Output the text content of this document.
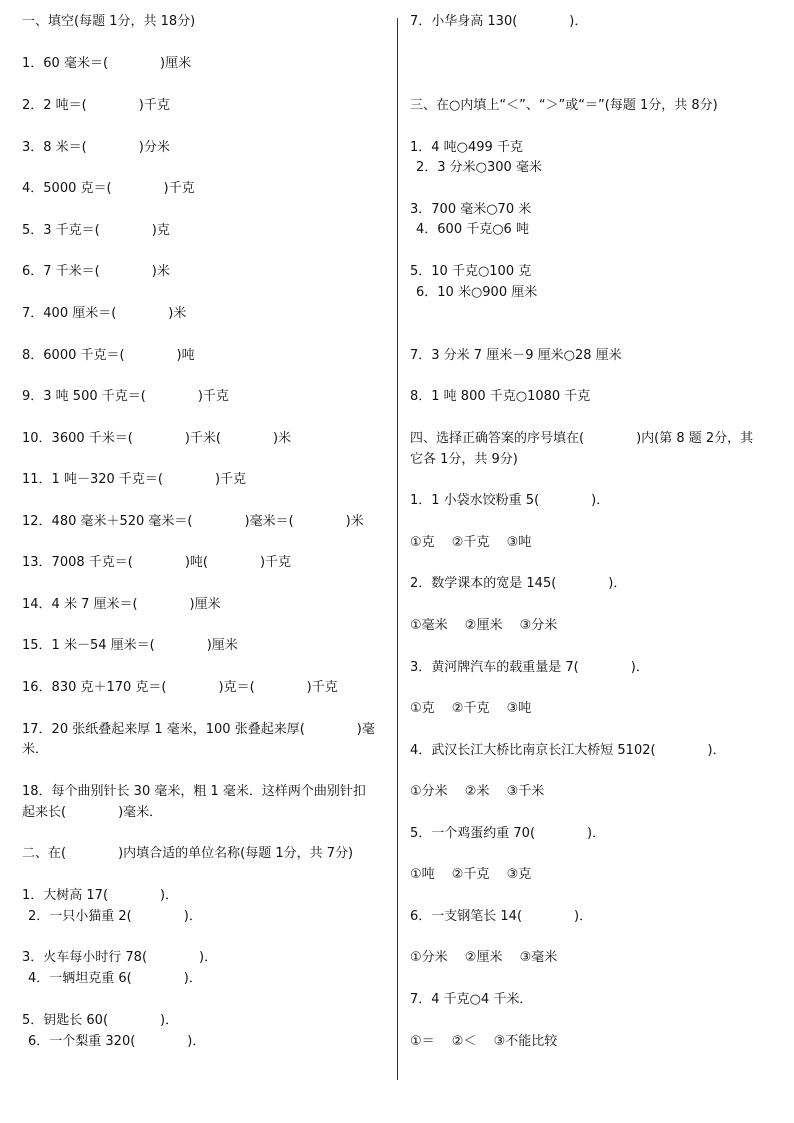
一、填空(每题 1分，共 18分)
1．60 毫米＝(　　　　)厘米
2．2 吨＝(　　　　)千克
3．8 米＝(　　　　)分米
4．5000 克＝(　　　　)千克
5．3 千克＝(　　　　)克
6．7 千米＝(　　　　)米
7．400 厘米＝(　　　　)米
8．6000 千克＝(　　　　)吨
9．3 吨 500 千克＝(　　　　)千克
10．3600 千米＝(　　　　)千米(　　　　)米
11．1 吨－320 千克＝(　　　　)千克
12．480 毫米＋520 毫米＝(　　　　)毫米＝(　　　　)米
13．7008 千克＝(　　　　)吨(　　　　)千克
14．4 米 7 厘米＝(　　　　)厘米
15．1 米－54 厘米＝(　　　　)厘米
16．830 克＋170 克＝(　　　　)克＝(　　　　)千克
17．20 张纸叠起来厚 1 毫米，100 张叠起来厚(　　　　)毫
米．
18．每个曲别针长 30 毫米，粗 1 毫米．这样两个曲别针扣
起来长(　　　　)毫米．
二、在(　　　　)内填合适的单位名称(每题 1分，共 7分)
1．大树高 17(　　　　)．
2．一只小猫重 2(　　　　)．
3．火车每小时行 78(　　　　)．
4．一辆坦克重 6(　　　　)．
5．钥匙长 60(　　　　)．
6．一个梨重 320(　　　　)．
7．小华身高 130(　　　　)．
三、在○内填上“＜”、“＞”或“＝”(每题 1分，共 8分)
1．4 吨○499 千克
2．3 分米○300 毫米
3．700 毫米○70 米
4．600 千克○6 吨
5．10 千克○100 克
6．10 米○900 厘米
7．3 分米 7 厘米－9 厘米○28 厘米
8．1 吨 800 千克○1080 千克
四、选择正确答案的序号填在(　　　　)内(第 8 题 2分，其
它各 1分，共 9分)
1．1 小袋水饺粉重 5(　　　　)．
①克　 ②千克　 ③吨
2．数学课本的宽是 145(　　　　)．
①毫米　 ②厘米　 ③分米
3．黄河牌汽车的载重量是 7(　　　　)．
①克　 ②千克　 ③吨
4．武汉长江大桥比南京长江大桥短 5102(　　　　)．
①分米　 ②米　 ③千米
5．一个鸡蛋约重 70(　　　　)．
①吨　 ②千克　 ③克
6．一支钢笔长 14(　　　　)．
①分米　 ②厘米　 ③毫米
7．4 千克○4 千米．
①＝　 ②＜　 ③不能比较
